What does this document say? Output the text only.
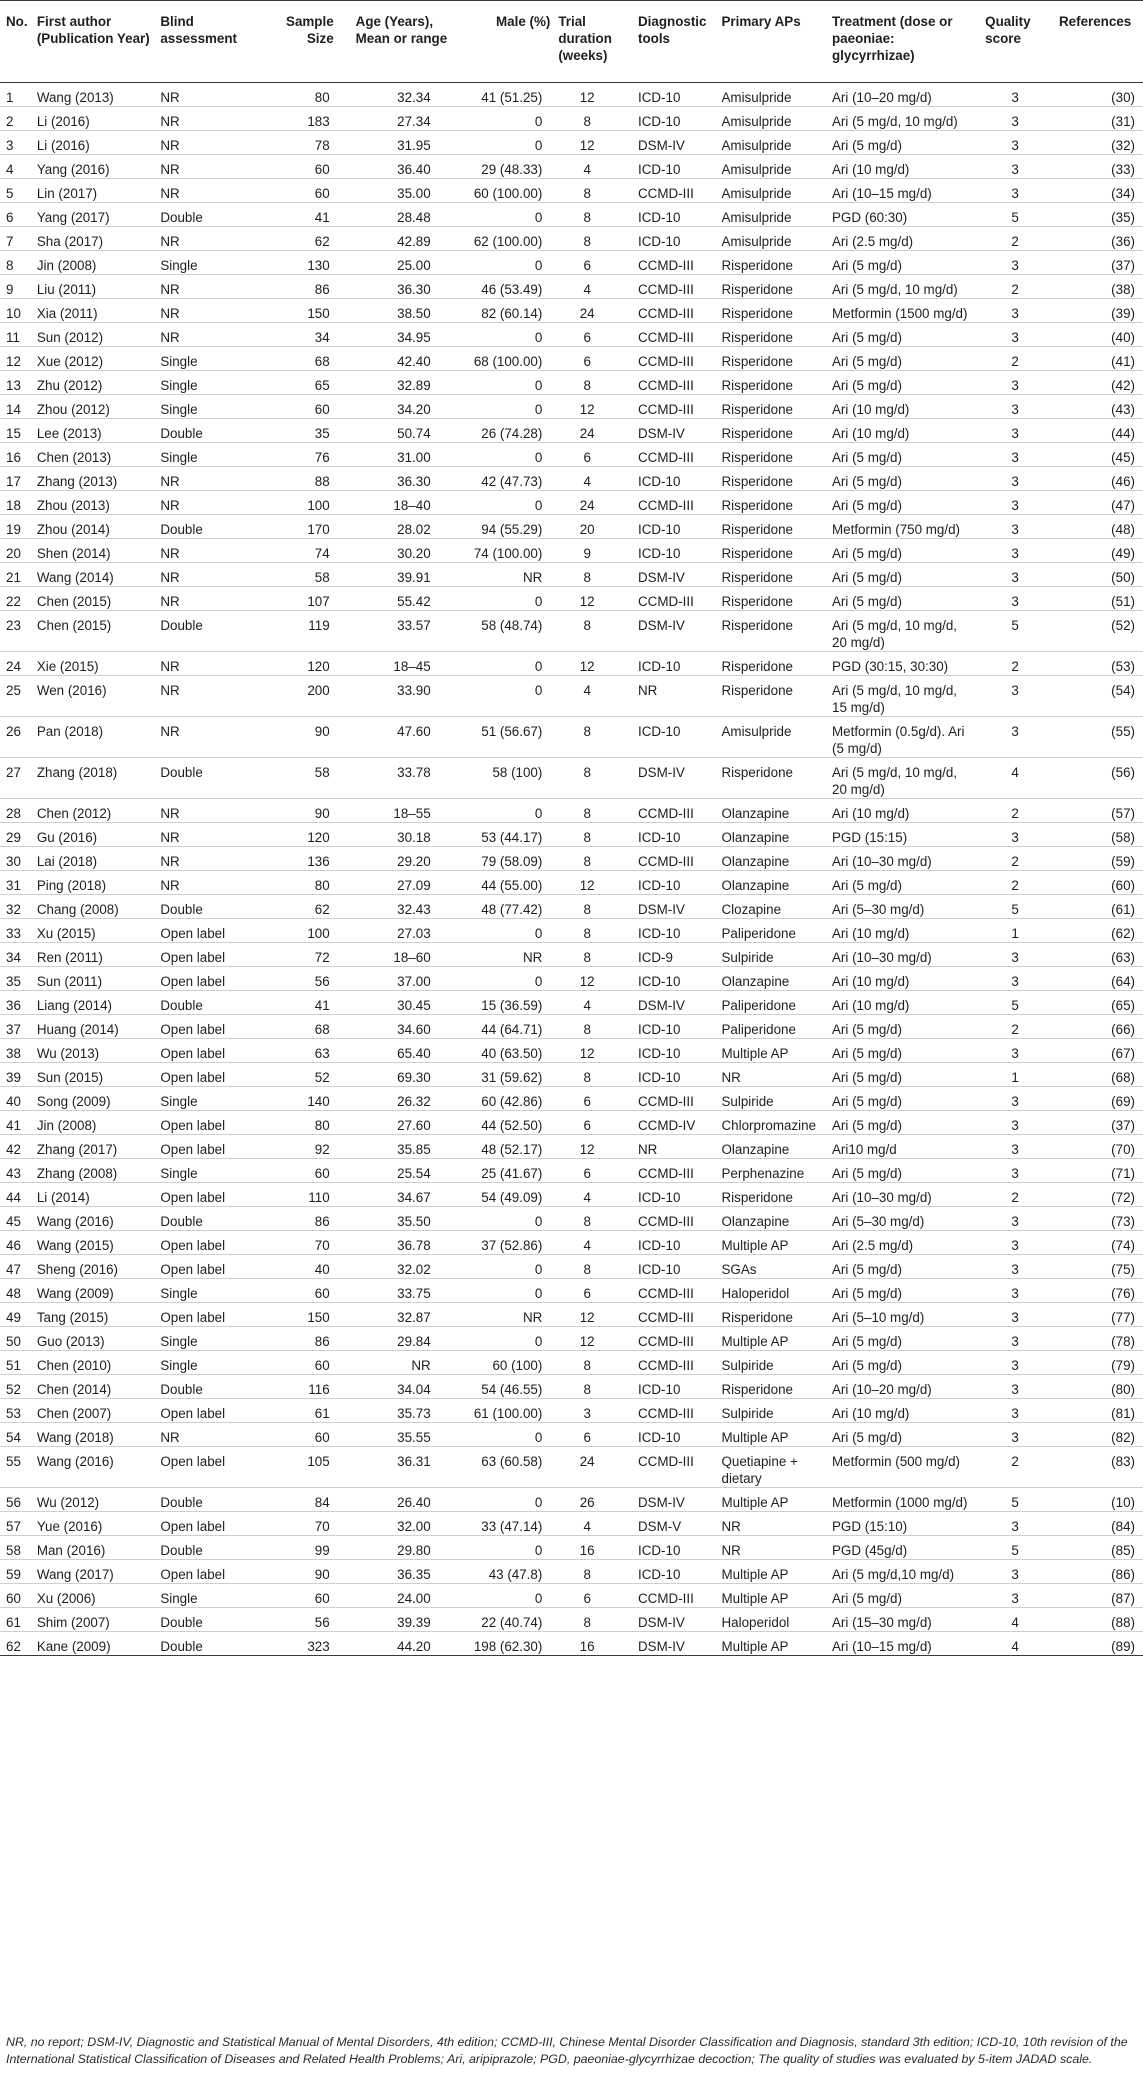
No.	First author (Publication Year)	Blind assessment	Sample Size	Age (Years), Mean or range	Male (%)	Trial duration (weeks)	Diagnostic tools	Primary APs	Treatment (dose or paeoniae: glycyrrhizae)	Quality score	References
1	Wang (2013)	NR	80	32.34	41 (51.25)	12	ICD-10	Amisulpride	Ari (10–20 mg/d)	3	(30)
2	Li (2016)	NR	183	27.34	0	8	ICD-10	Amisulpride	Ari (5 mg/d, 10 mg/d)	3	(31)
3	Li (2016)	NR	78	31.95	0	12	DSM-IV	Amisulpride	Ari (5 mg/d)	3	(32)
4	Yang (2016)	NR	60	36.40	29 (48.33)	4	ICD-10	Amisulpride	Ari (10 mg/d)	3	(33)
5	Lin (2017)	NR	60	35.00	60 (100.00)	8	CCMD-III	Amisulpride	Ari (10–15 mg/d)	3	(34)
6	Yang (2017)	Double	41	28.48	0	8	ICD-10	Amisulpride	PGD (60:30)	5	(35)
7	Sha (2017)	NR	62	42.89	62 (100.00)	8	ICD-10	Amisulpride	Ari (2.5 mg/d)	2	(36)
8	Jin (2008)	Single	130	25.00	0	6	CCMD-III	Risperidone	Ari (5 mg/d)	3	(37)
9	Liu (2011)	NR	86	36.30	46 (53.49)	4	CCMD-III	Risperidone	Ari (5 mg/d, 10 mg/d)	2	(38)
10	Xia (2011)	NR	150	38.50	82 (60.14)	24	CCMD-III	Risperidone	Metformin (1500 mg/d)	3	(39)
11	Sun (2012)	NR	34	34.95	0	6	CCMD-III	Risperidone	Ari (5 mg/d)	3	(40)
12	Xue (2012)	Single	68	42.40	68 (100.00)	6	CCMD-III	Risperidone	Ari (5 mg/d)	2	(41)
13	Zhu (2012)	Single	65	32.89	0	8	CCMD-III	Risperidone	Ari (5 mg/d)	3	(42)
14	Zhou (2012)	Single	60	34.20	0	12	CCMD-III	Risperidone	Ari (10 mg/d)	3	(43)
15	Lee (2013)	Double	35	50.74	26 (74.28)	24	DSM-IV	Risperidone	Ari (10 mg/d)	3	(44)
16	Chen (2013)	Single	76	31.00	0	6	CCMD-III	Risperidone	Ari (5 mg/d)	3	(45)
17	Zhang (2013)	NR	88	36.30	42 (47.73)	4	ICD-10	Risperidone	Ari (5 mg/d)	3	(46)
18	Zhou (2013)	NR	100	18–40	0	24	CCMD-III	Risperidone	Ari (5 mg/d)	3	(47)
19	Zhou (2014)	Double	170	28.02	94 (55.29)	20	ICD-10	Risperidone	Metformin (750 mg/d)	3	(48)
20	Shen (2014)	NR	74	30.20	74 (100.00)	9	ICD-10	Risperidone	Ari (5 mg/d)	3	(49)
21	Wang (2014)	NR	58	39.91	NR	8	DSM-IV	Risperidone	Ari (5 mg/d)	3	(50)
22	Chen (2015)	NR	107	55.42	0	12	CCMD-III	Risperidone	Ari (5 mg/d)	3	(51)
23	Chen (2015)	Double	119	33.57	58 (48.74)	8	DSM-IV	Risperidone	Ari (5 mg/d, 10 mg/d, 20 mg/d)	5	(52)
24	Xie (2015)	NR	120	18–45	0	12	ICD-10	Risperidone	PGD (30:15, 30:30)	2	(53)
25	Wen (2016)	NR	200	33.90	0	4	NR	Risperidone	Ari (5 mg/d, 10 mg/d, 15 mg/d)	3	(54)
26	Pan (2018)	NR	90	47.60	51 (56.67)	8	ICD-10	Amisulpride	Metformin (0.5g/d). Ari (5 mg/d)	3	(55)
27	Zhang (2018)	Double	58	33.78	58 (100)	8	DSM-IV	Risperidone	Ari (5 mg/d, 10 mg/d, 20 mg/d)	4	(56)
28	Chen (2012)	NR	90	18–55	0	8	CCMD-III	Olanzapine	Ari (10 mg/d)	2	(57)
29	Gu (2016)	NR	120	30.18	53 (44.17)	8	ICD-10	Olanzapine	PGD (15:15)	3	(58)
30	Lai (2018)	NR	136	29.20	79 (58.09)	8	CCMD-III	Olanzapine	Ari (10–30 mg/d)	2	(59)
31	Ping (2018)	NR	80	27.09	44 (55.00)	12	ICD-10	Olanzapine	Ari (5 mg/d)	2	(60)
32	Chang (2008)	Double	62	32.43	48 (77.42)	8	DSM-IV	Clozapine	Ari (5–30 mg/d)	5	(61)
33	Xu (2015)	Open label	100	27.03	0	8	ICD-10	Paliperidone	Ari (10 mg/d)	1	(62)
34	Ren (2011)	Open label	72	18–60	NR	8	ICD-9	Sulpiride	Ari (10–30 mg/d)	3	(63)
35	Sun (2011)	Open label	56	37.00	0	12	ICD-10	Olanzapine	Ari (10 mg/d)	3	(64)
36	Liang (2014)	Double	41	30.45	15 (36.59)	4	DSM-IV	Paliperidone	Ari (10 mg/d)	5	(65)
37	Huang (2014)	Open label	68	34.60	44 (64.71)	8	ICD-10	Paliperidone	Ari (5 mg/d)	2	(66)
38	Wu (2013)	Open label	63	65.40	40 (63.50)	12	ICD-10	Multiple AP	Ari (5 mg/d)	3	(67)
39	Sun (2015)	Open label	52	69.30	31 (59.62)	8	ICD-10	NR	Ari (5 mg/d)	1	(68)
40	Song (2009)	Single	140	26.32	60 (42.86)	6	CCMD-III	Sulpiride	Ari (5 mg/d)	3	(69)
41	Jin (2008)	Open label	80	27.60	44 (52.50)	6	CCMD-IV	Chlorpromazine	Ari (5 mg/d)	3	(37)
42	Zhang (2017)	Open label	92	35.85	48 (52.17)	12	NR	Olanzapine	Ari10 mg/d	3	(70)
43	Zhang (2008)	Single	60	25.54	25 (41.67)	6	CCMD-III	Perphenazine	Ari (5 mg/d)	3	(71)
44	Li (2014)	Open label	110	34.67	54 (49.09)	4	ICD-10	Risperidone	Ari (10–30 mg/d)	2	(72)
45	Wang (2016)	Double	86	35.50	0	8	CCMD-III	Olanzapine	Ari (5–30 mg/d)	3	(73)
46	Wang (2015)	Open label	70	36.78	37 (52.86)	4	ICD-10	Multiple AP	Ari (2.5 mg/d)	3	(74)
47	Sheng (2016)	Open label	40	32.02	0	8	ICD-10	SGAs	Ari (5 mg/d)	3	(75)
48	Wang (2009)	Single	60	33.75	0	6	CCMD-III	Haloperidol	Ari (5 mg/d)	3	(76)
49	Tang (2015)	Open label	150	32.87	NR	12	CCMD-III	Risperidone	Ari (5–10 mg/d)	3	(77)
50	Guo (2013)	Single	86	29.84	0	12	CCMD-III	Multiple AP	Ari (5 mg/d)	3	(78)
51	Chen (2010)	Single	60	NR	60 (100)	8	CCMD-III	Sulpiride	Ari (5 mg/d)	3	(79)
52	Chen (2014)	Double	116	34.04	54 (46.55)	8	ICD-10	Risperidone	Ari (10–20 mg/d)	3	(80)
53	Chen (2007)	Open label	61	35.73	61 (100.00)	3	CCMD-III	Sulpiride	Ari (10 mg/d)	3	(81)
54	Wang (2018)	NR	60	35.55	0	6	ICD-10	Multiple AP	Ari (5 mg/d)	3	(82)
55	Wang (2016)	Open label	105	36.31	63 (60.58)	24	CCMD-III	Quetiapine + dietary	Metformin (500 mg/d)	2	(83)
56	Wu (2012)	Double	84	26.40	0	26	DSM-IV	Multiple AP	Metformin (1000 mg/d)	5	(10)
57	Yue (2016)	Open label	70	32.00	33 (47.14)	4	DSM-V	NR	PGD (15:10)	3	(84)
58	Man (2016)	Double	99	29.80	0	16	ICD-10	NR	PGD (45g/d)	5	(85)
59	Wang (2017)	Open label	90	36.35	43 (47.8)	8	ICD-10	Multiple AP	Ari (5 mg/d,10 mg/d)	3	(86)
60	Xu (2006)	Single	60	24.00	0	6	CCMD-III	Multiple AP	Ari (5 mg/d)	3	(87)
61	Shim (2007)	Double	56	39.39	22 (40.74)	8	DSM-IV	Haloperidol	Ari (15–30 mg/d)	4	(88)
62	Kane (2009)	Double	323	44.20	198 (62.30)	16	DSM-IV	Multiple AP	Ari (10–15 mg/d)	4	(89)
NR, no report; DSM-IV, Diagnostic and Statistical Manual of Mental Disorders, 4th edition; CCMD-III, Chinese Mental Disorder Classification and Diagnosis, standard 3th edition; ICD-10, 10th revision of the International Statistical Classification of Diseases and Related Health Problems; Ari, aripiprazole; PGD, paeoniae-glycyrrhizae decoction; The quality of studies was evaluated by 5-item JADAD scale.
